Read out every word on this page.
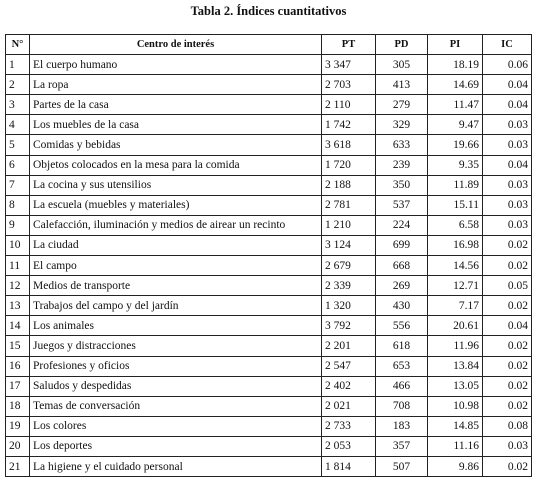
Tabla 2. Índices cuantitativos
N°	Centro de interés	PT	PD	PI	IC
1	El cuerpo humano	3 347	305	18.19	0.06
2	La ropa	2 703	413	14.69	0.04
3	Partes de la casa	2 110	279	11.47	0.04
4	Los muebles de la casa	1 742	329	9.47	0.03
5	Comidas y bebidas	3 618	633	19.66	0.03
6	Objetos colocados en la mesa para la comida	1 720	239	9.35	0.04
7	La cocina y sus utensilios	2 188	350	11.89	0.03
8	La escuela (muebles y materiales)	2 781	537	15.11	0.03
9	Calefacción, iluminación y medios de airear un recinto	1 210	224	6.58	0.03
10	La ciudad	3 124	699	16.98	0.02
11	El campo	2 679	668	14.56	0.02
12	Medios de transporte	2 339	269	12.71	0.05
13	Trabajos del campo y del jardín	1 320	430	7.17	0.02
14	Los animales	3 792	556	20.61	0.04
15	Juegos y distracciones	2 201	618	11.96	0.02
16	Profesiones y oficios	2 547	653	13.84	0.02
17	Saludos y despedidas	2 402	466	13.05	0.02
18	Temas de conversación	2 021	708	10.98	0.02
19	Los colores	2 733	183	14.85	0.08
20	Los deportes	2 053	357	11.16	0.03
21	La higiene y el cuidado personal	1 814	507	9.86	0.02
